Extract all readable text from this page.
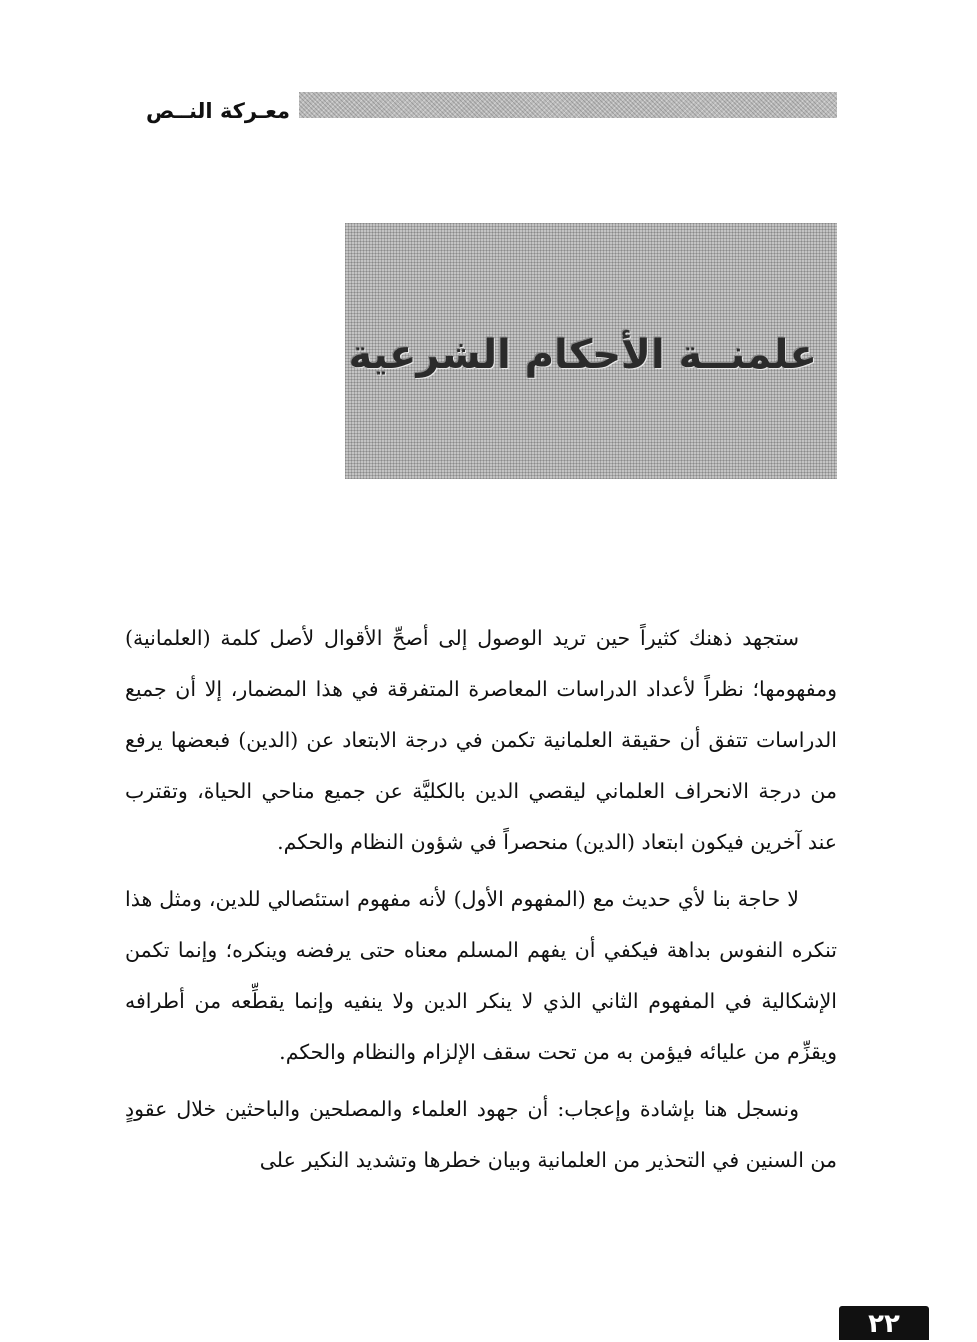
معـركة النــص
علمنــة الأحكام الشرعية

ستجهد ذهنك كثيراً حين تريد الوصول إلى أصحِّ الأقوال لأصل كلمة (العلمانية) ومفهومها؛ نظراً لأعداد الدراسات المعاصرة المتفرقة في هذا المضمار، إلا أن جميع الدراسات تتفق أن حقيقة العلمانية تكمن في درجة الابتعاد عن (الدين) فبعضها يرفع من درجة الانحراف العلماني ليقصي الدين بالكليَّة عن جميع مناحي الحياة، وتقترب عند آخرين فيكون ابتعاد (الدين) منحصراً في شؤون النظام والحكم.

لا حاجة بنا لأي حديث مع (المفهوم الأول) لأنه مفهوم استئصالي للدين، ومثل هذا تنكره النفوس بداهة فيكفي أن يفهم المسلم معناه حتى يرفضه وينكره؛ وإنما تكمن الإشكالية في المفهوم الثاني الذي لا ينكر الدين ولا ينفيه وإنما يقطِّعه من أطرافه ويقزِّم من عليائه فيؤمن به من تحت سقف الإلزام والنظام والحكم.

ونسجل هنا بإشادة وإعجاب: أن جهود العلماء والمصلحين والباحثين خلال عقودٍ من السنين في التحذير من العلمانية وبيان خطرها وتشديد النكير على

٢٢
